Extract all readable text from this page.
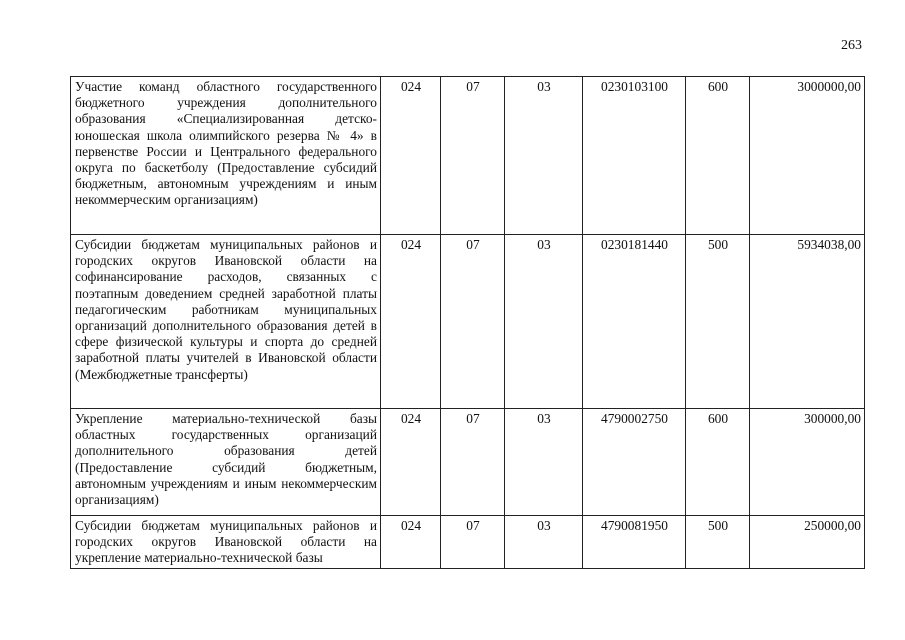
263
Участие команд областного государственного бюджетного учреждения дополнительного образования «Специализированная детско-юношеская школа олимпийского резерва № 4» в первенстве России и Центрального федерального округа по баскетболу (Предоставление субсидий бюджетным, автономным учреждениям и иным некоммерческим организациям)	024	07	03	0230103100	600	3000000,00

Субсидии бюджетам муниципальных районов и городских округов Ивановской области на софинансирование расходов, связанных с поэтапным доведением средней заработной платы педагогическим работникам муниципальных организаций дополнительного образования детей в сфере физической культуры и спорта до средней заработной платы учителей в Ивановской области (Межбюджетные трансферты)	024	07	03	0230181440	500	5934038,00

Укрепление материально-технической базы областных государственных организаций дополнительного образования детей (Предоставление субсидий бюджетным, автономным учреждениям и иным некоммерческим организациям)	024	07	03	4790002750	600	300000,00

Субсидии бюджетам муниципальных районов и городских округов Ивановской области на укрепление материально-технической базы	024	07	03	4790081950	500	250000,00
